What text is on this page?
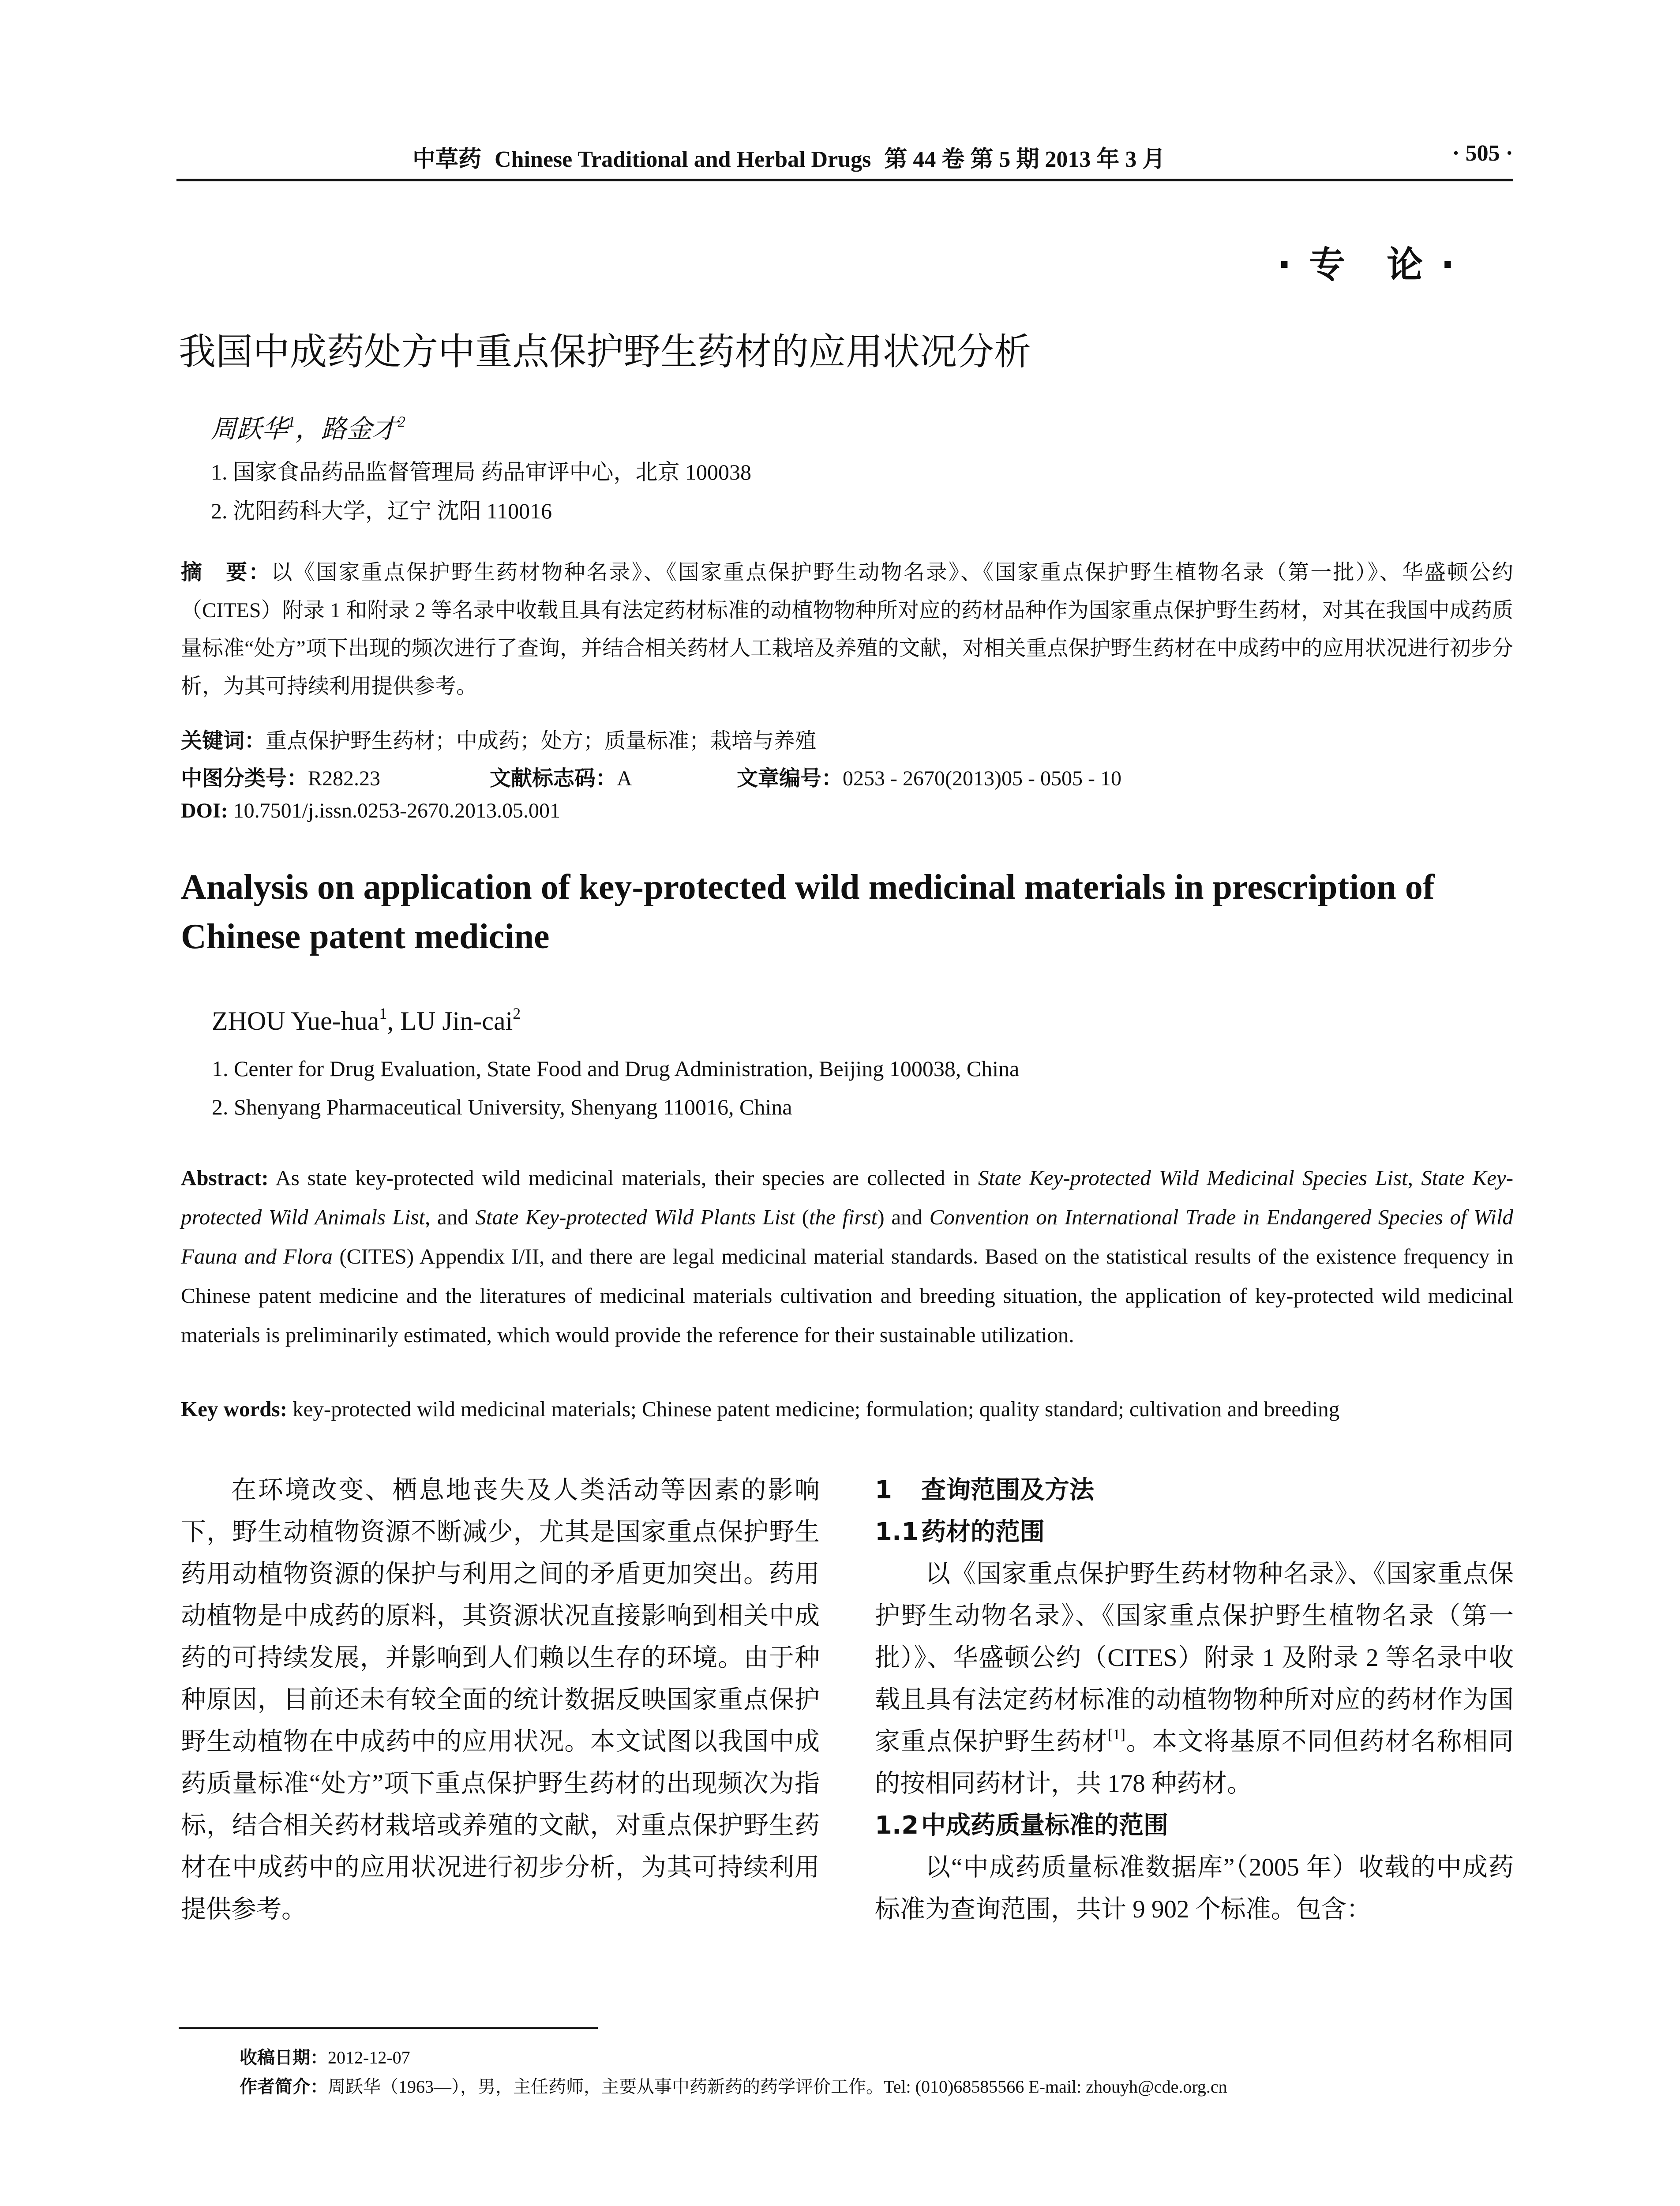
中草药 Chinese Traditional and Herbal Drugs 第 44 卷 第 5 期 2013 年 3 月	· 505 ·
· 专　论 ·
我国中成药处方中重点保护野生药材的应用状况分析
周跃华$^1$，路金才$^2$
1. 国家食品药品监督管理局 药品审评中心，北京 100038
2. 沈阳药科大学，辽宁 沈阳 110016
摘　要：以《国家重点保护野生药材物种名录》、《国家重点保护野生动物名录》、《国家重点保护野生植物名录（第一批）》、华盛顿公约（CITES）附录 1 和附录 2 等名录中收载且具有法定药材标准的动植物物种所对应的药材品种作为国家重点保护野生药材，对其在我国中成药质量标准“处方”项下出现的频次进行了查询，并结合相关药材人工栽培及养殖的文献，对相关重点保护野生药材在中成药中的应用状况进行初步分析，为其可持续利用提供参考。
关键词：重点保护野生药材；中成药；处方；质量标准；栽培与养殖
中图分类号：R282.23	文献标志码：A	文章编号：0253 - 2670(2013)05 - 0505 - 10
DOI: 10.7501/j.issn.0253-2670.2013.05.001
Analysis on application of key-protected wild medicinal materials in prescription of Chinese patent medicine
ZHOU Yue-hua$^1$, LU Jin-cai$^2$
1. Center for Drug Evaluation, State Food and Drug Administration, Beijing 100038, China
2. Shenyang Pharmaceutical University, Shenyang 110016, China
Abstract: As state key-protected wild medicinal materials, their species are collected in State Key-protected Wild Medicinal Species List, State Key-protected Wild Animals List, and State Key-protected Wild Plants List (the first) and Convention on International Trade in Endangered Species of Wild Fauna and Flora (CITES) Appendix I/II, and there are legal medicinal material standards. Based on the statistical results of the existence frequency in Chinese patent medicine and the literatures of medicinal materials cultivation and breeding situation, the application of key-protected wild medicinal materials is preliminarily estimated, which would provide the reference for their sustainable utilization.
Key words: key-protected wild medicinal materials; Chinese patent medicine; formulation; quality standard; cultivation and breeding

在环境改变、栖息地丧失及人类活动等因素的影响下，野生动植物资源不断减少，尤其是国家重点保护野生药用动植物资源的保护与利用之间的矛盾更加突出。药用动植物是中成药的原料，其资源状况直接影响到相关中成药的可持续发展，并影响到人们赖以生存的环境。由于种种原因，目前还未有较全面的统计数据反映国家重点保护野生动植物在中成药中的应用状况。本文试图以我国中成药质量标准“处方”项下重点保护野生药材的出现频次为指标，结合相关药材栽培或养殖的文献，对重点保护野生药材在中成药中的应用状况进行初步分析，为其可持续利用提供参考。

1 查询范围及方法
1.1 药材的范围

以《国家重点保护野生药材物种名录》、《国家重点保护野生动物名录》、《国家重点保护野生植物名录（第一批）》、华盛顿公约（CITES）附录 1 及附录 2 等名录中收载且具有法定药材标准的动植物物种所对应的药材作为国家重点保护野生药材[1]。本文将基原不同但药材名称相同的按相同药材计，共 178 种药材。

1.2 中成药质量标准的范围

以“中成药质量标准数据库”（2005 年）收载的中成药标准为查询范围，共计 9 902 个标准。包含：

收稿日期：2012-12-07
作者简介：周跃华（1963—），男，主任药师，主要从事中药新药的药学评价工作。Tel: (010)68585566 E-mail: zhouyh@cde.org.cn
